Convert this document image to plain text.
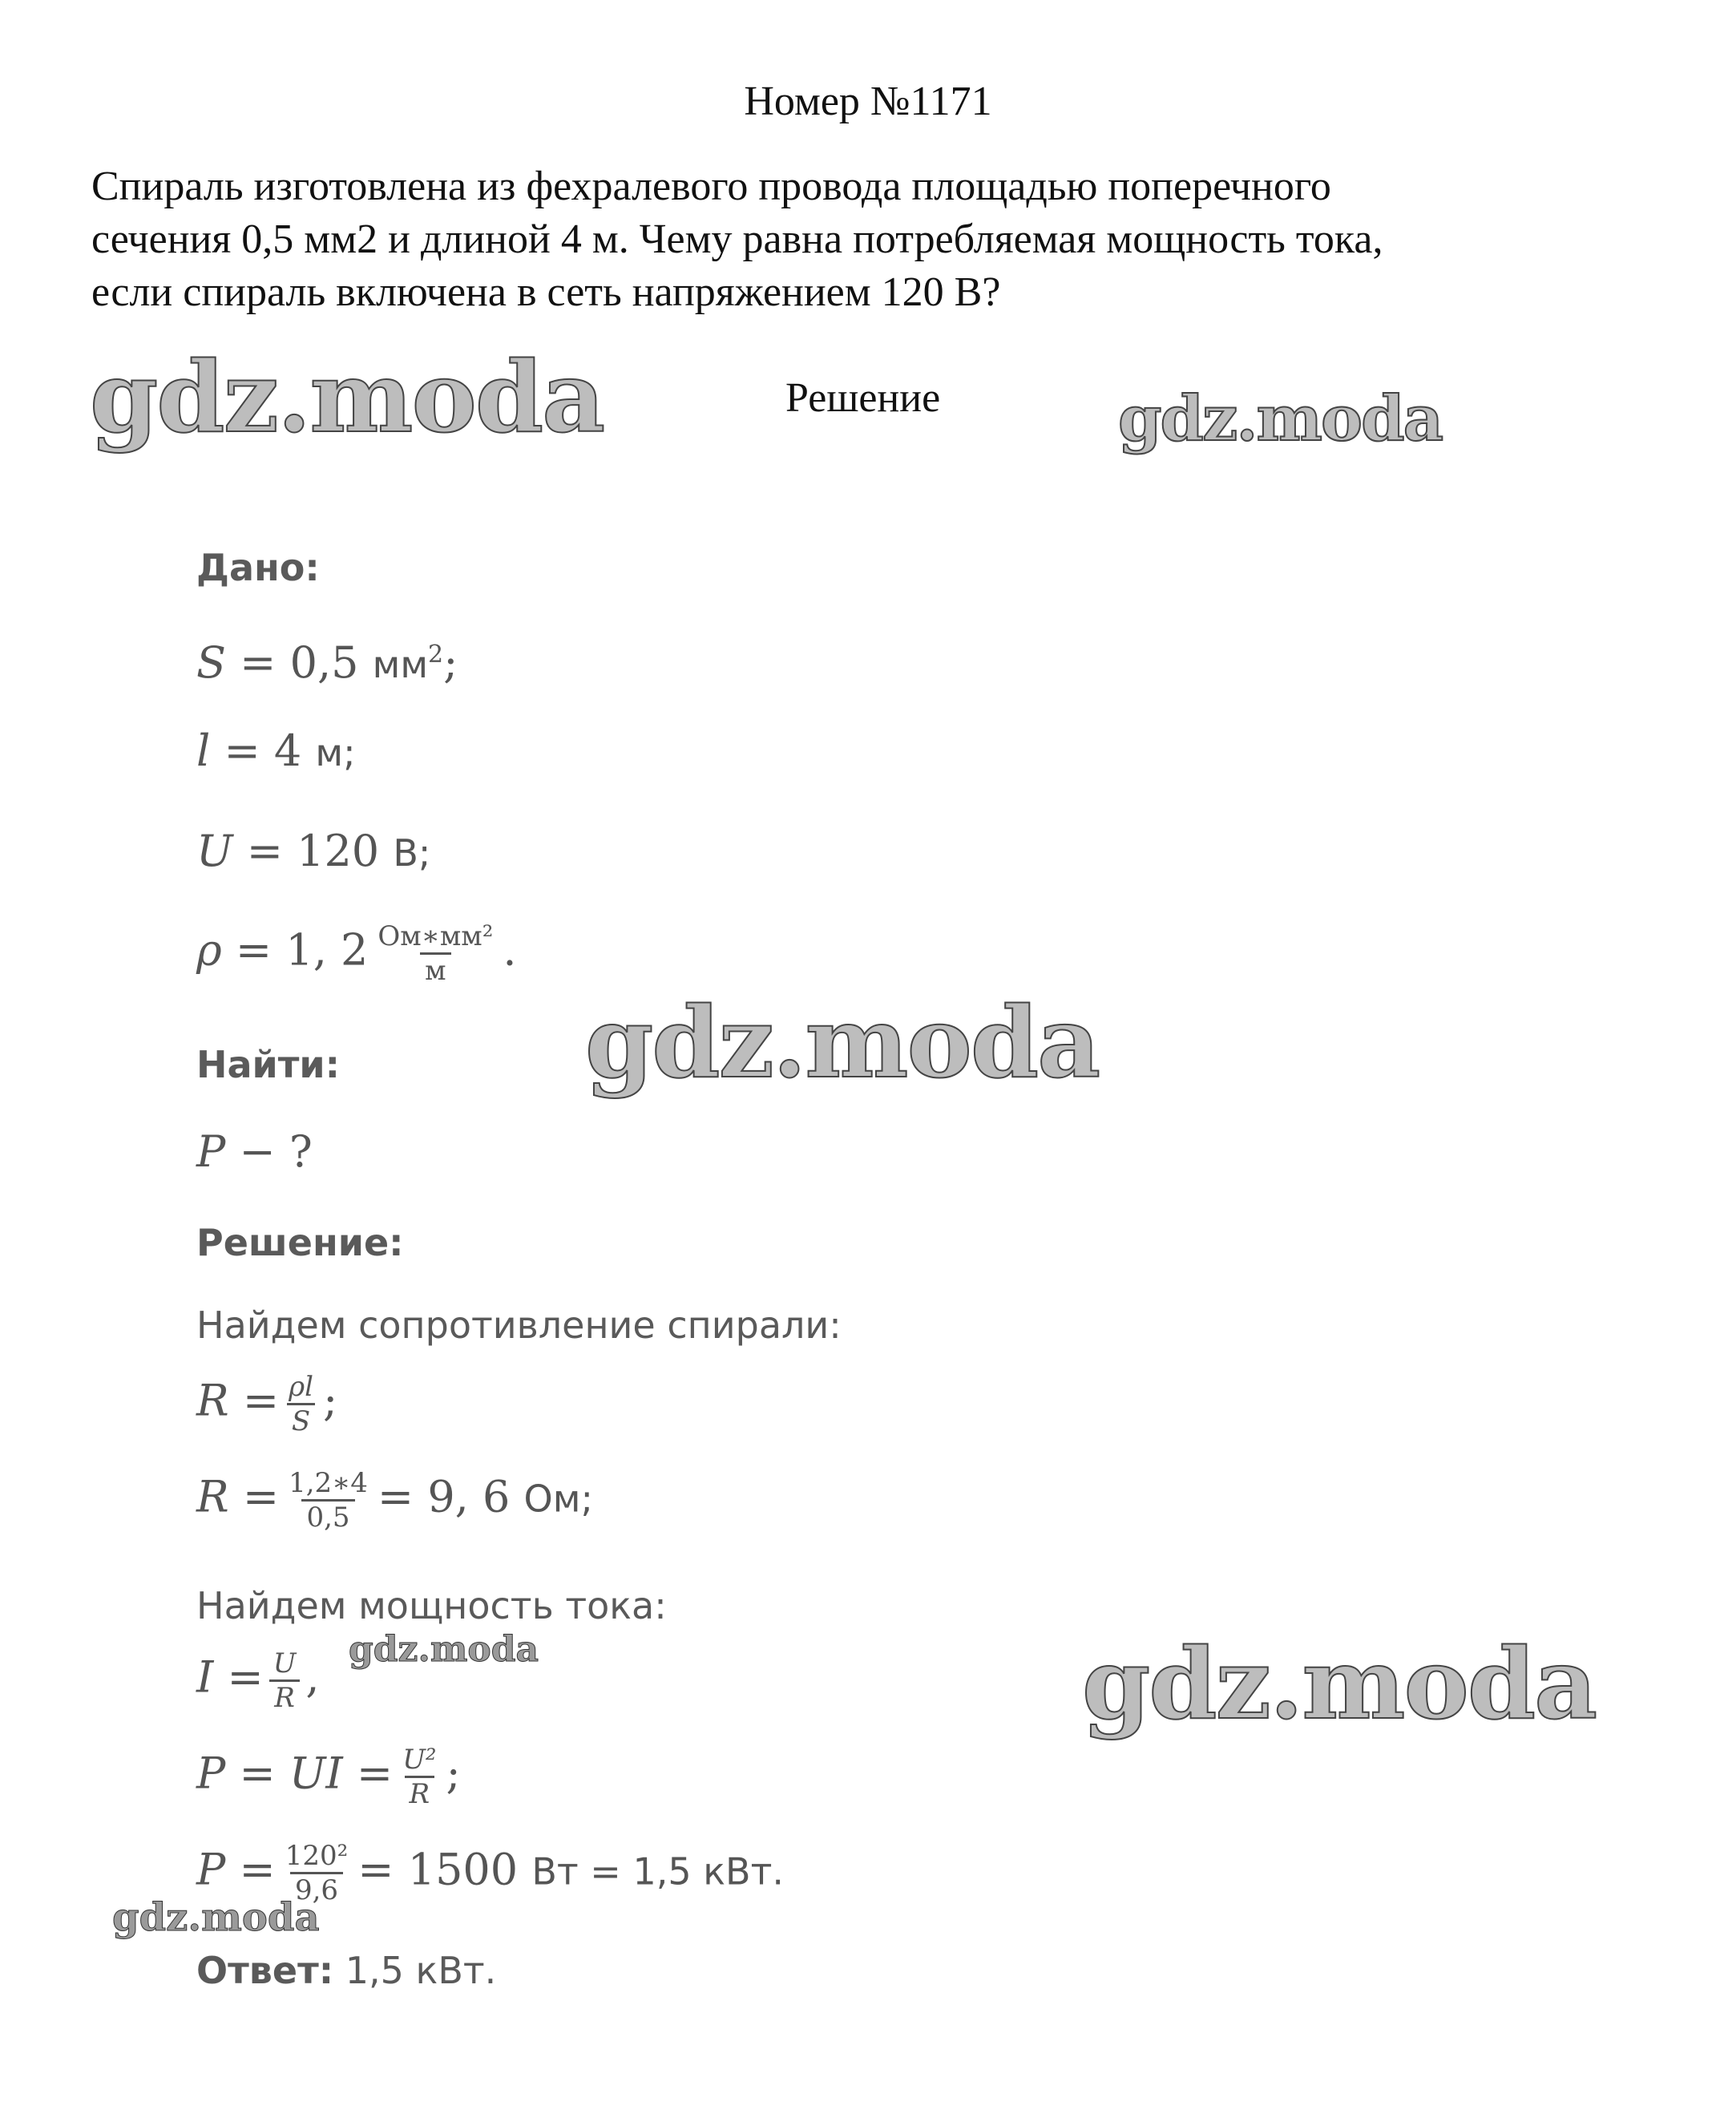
Номер №1171
Спираль изготовлена из фехралевого провода площадью поперечного
сечения 0,5 мм2 и длиной 4 м. Чему равна потребляемая мощность тока,
если спираль включена в сеть напряжением 120 В?
gdz.moda	Решение	gdz.moda
Дано:
S = 0,5 $мм^2$;
l = 4 м;
U = 120 В;
ρ = 1, $2 \frac{\text{Ом∗мм²}}{м}$ .
gdz.moda
Найти:
P − ?
Решение:
Найдем сопротивление спирали:
$R = \frac{\rho l}{S}$ ;
$R = \frac{1,2∗4}{0,5} = 9$, 6 Ом;
Найдем мощность тока:
$I = \frac{U}{R}$ ,
gdz.moda	gdz.moda
P = UI = $\frac{\text{U²}}{R}$ ;
$P = \frac{\text{120²}}{9,6} = 1500$ Вт = 1,5 кВт.
gdz.moda
Ответ: 1,5 кВт.
